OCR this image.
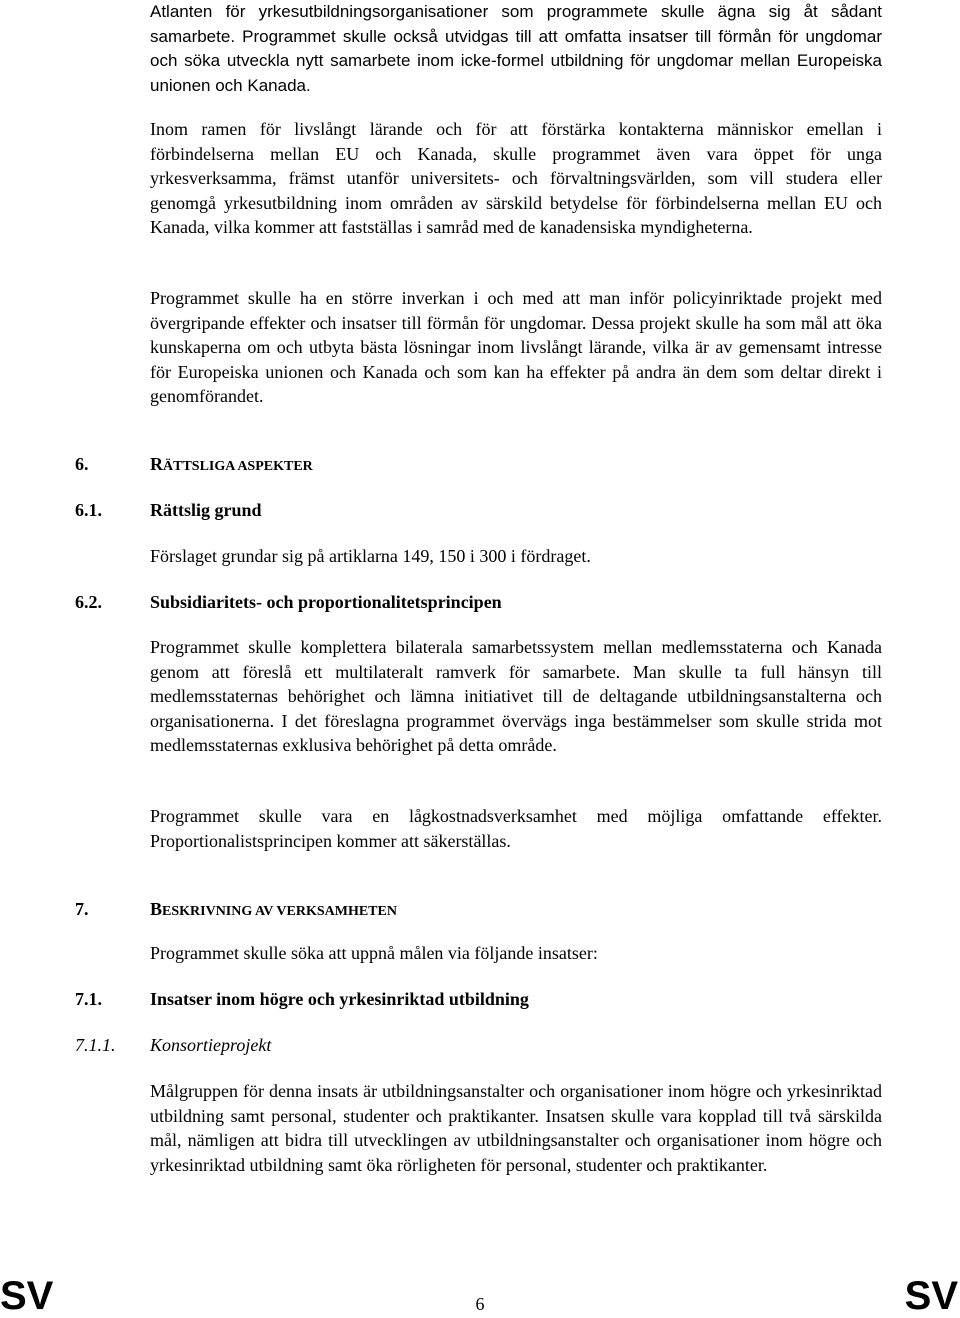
Atlanten för yrkesutbildningsorganisationer som programmete skulle ägna sig åt sådant samarbete. Programmet skulle också utvidgas till att omfatta insatser till förmån för ungdomar och söka utveckla nytt samarbete inom icke-formel utbildning för ungdomar mellan Europeiska unionen och Kanada.

Inom ramen för livslångt lärande och för att förstärka kontakterna människor emellan i förbindelserna mellan EU och Kanada, skulle programmet även vara öppet för unga yrkesverksamma, främst utanför universitets- och förvaltningsvärlden, som vill studera eller genomgå yrkesutbildning inom områden av särskild betydelse för förbindelserna mellan EU och Kanada, vilka kommer att fastställas i samråd med de kanadensiska myndigheterna.

Programmet skulle ha en större inverkan i och med att man inför policyinriktade projekt med övergripande effekter och insatser till förmån för ungdomar. Dessa projekt skulle ha som mål att öka kunskaperna om och utbyta bästa lösningar inom livslångt lärande, vilka är av gemensamt intresse för Europeiska unionen och Kanada och som kan ha effekter på andra än dem som deltar direkt i genomförandet.

6.	RÄTTSLIGA ASPEKTER
6.1.	Rättslig grund

Förslaget grundar sig på artiklarna 149, 150 i 300 i fördraget.

6.2.	Subsidiaritets- och proportionalitetsprincipen

Programmet skulle komplettera bilaterala samarbetssystem mellan medlemsstaterna och Kanada genom att föreslå ett multilateralt ramverk för samarbete. Man skulle ta full hänsyn till medlemsstaternas behörighet och lämna initiativet till de deltagande utbildningsanstalterna och organisationerna. I det föreslagna programmet övervägs inga bestämmelser som skulle strida mot medlemsstaternas exklusiva behörighet på detta område.

Programmet skulle vara en lågkostnadsverksamhet med möjliga omfattande effekter. Proportionalistsprincipen kommer att säkerställas.

7.	BESKRIVNING AV VERKSAMHETEN

Programmet skulle söka att uppnå målen via följande insatser:

7.1.	Insatser inom högre och yrkesinriktad utbildning
7.1.1.	Konsortieprojekt

Målgruppen för denna insats är utbildningsanstalter och organisationer inom högre och yrkesinriktad utbildning samt personal, studenter och praktikanter. Insatsen skulle vara kopplad till två särskilda mål, nämligen att bidra till utvecklingen av utbildningsanstalter och organisationer inom högre och yrkesinriktad utbildning samt öka rörligheten för personal, studenter och praktikanter.

SV	SV
6
